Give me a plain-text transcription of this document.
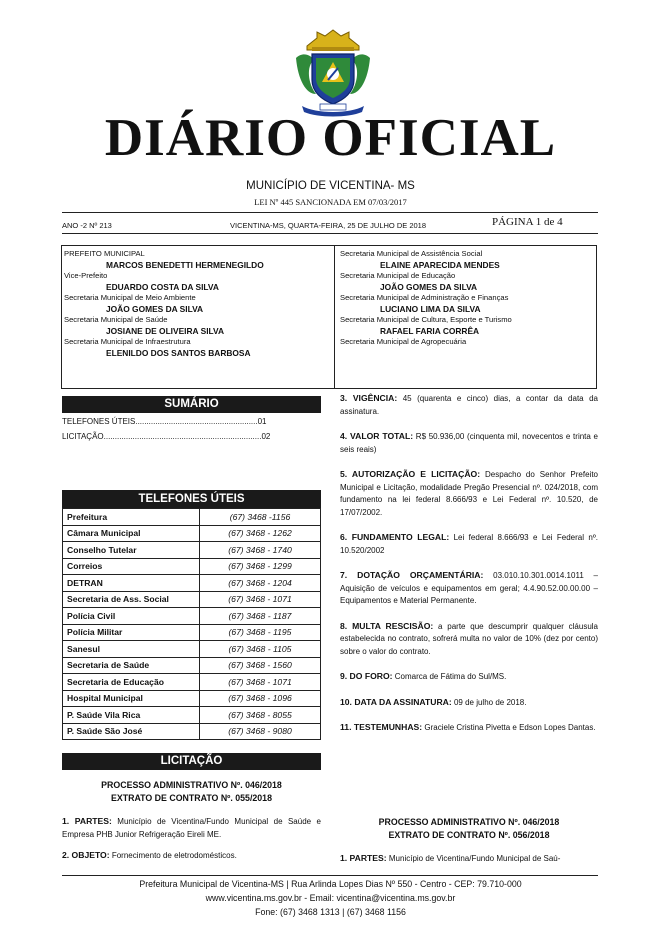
DIÁRIO OFICIAL
MUNICÍPIO DE VICENTINA- MS
LEI Nº 445 SANCIONADA EM 07/03/2017
ANO -2 Nº 213	VICENTINA-MS, QUARTA-FEIRA, 25 DE JULHO DE 2018	PÁGINA 1 de 4
PREFEITO MUNICIPAL
MARCOS BENEDETTI HERMENEGILDO
Vice-Prefeito
EDUARDO COSTA DA SILVA
Secretaria Municipal de Meio Ambiente
JOÃO GOMES DA SILVA
Secretaria Municipal de Saúde
JOSIANE DE OLIVEIRA SILVA
Secretaria Municipal de Infraestrutura
ELENILDO DOS SANTOS BARBOSA
Secretaria Municipal de Assistência Social
ELAINE APARECIDA MENDES
Secretaria Municipal de Educação
JOÃO GOMES DA SILVA
Secretaria Municipal de Administração e Finanças
LUCIANO LIMA DA SILVA
Secretaria Municipal de Cultura, Esporte e Turismo
RAFAEL FARIA CORRÊA
Secretaria Municipal de Agropecuária
SUMÁRIO
TELEFONES ÚTEIS.......................................................01
LICITAÇÃO.......................................................................02
TELEFONES ÚTEIS
Prefeitura	(67) 3468 -1156
Câmara Municipal	(67) 3468 - 1262
Conselho Tutelar	(67) 3468 - 1740
Correios	(67) 3468 - 1299
DETRAN	(67) 3468 - 1204
Secretaria de Ass. Social	(67) 3468 - 1071
Polícia Civil	(67) 3468 - 1187
Polícia Militar	(67) 3468 - 1195
Sanesul	(67) 3468 - 1105
Secretaria de Saúde	(67) 3468 - 1560
Secretaria de Educação	(67) 3468 - 1071
Hospital Municipal	(67) 3468 - 1096
P. Saúde Vila Rica	(67) 3468 - 8055
P. Saúde São José	(67) 3468 - 9080
LICITAÇÃO
PROCESSO ADMINISTRATIVO Nº. 046/2018
EXTRATO DE CONTRATO Nº. 055/2018
1. PARTES: Município de Vicentina/Fundo Municipal de Saúde e Empresa PHB Junior Refrigeração Eireli ME.
2. OBJETO: Fornecimento de eletrodomésticos.
3. VIGÊNCIA: 45 (quarenta e cinco) dias, a contar da data da assinatura.
4. VALOR TOTAL: R$ 50.936,00 (cinquenta mil, novecentos e trinta e seis reais)
5. AUTORIZAÇÃO E LICITAÇÃO: Despacho do Senhor Prefeito Municipal e Licitação, modalidade Pregão Presencial nº. 024/2018, com fundamento na lei federal 8.666/93 e Lei Federal nº. 10.520, de 17/07/2002.
6. FUNDAMENTO LEGAL: Lei federal 8.666/93 e Lei Federal nº. 10.520/2002
7. DOTAÇÃO ORÇAMENTÁRIA: 03.010.10.301.0014.1011 – Aquisição de veículos e equipamentos em geral; 4.4.90.52.00.00.00 – Equipamentos e Material Permanente.
8. MULTA RESCISÃO: a parte que descumprir qualquer cláusula estabelecida no contrato, sofrerá multa no valor de 10% (dez por cento) sobre o valor do contrato.
9. DO FORO: Comarca de Fátima do Sul/MS.
10. DATA DA ASSINATURA: 09 de julho de 2018.
11. TESTEMUNHAS: Graciele Cristina Pivetta e Edson Lopes Dantas.
PROCESSO ADMINISTRATIVO Nº. 046/2018
EXTRATO DE CONTRATO Nº. 056/2018
1. PARTES: Município de Vicentina/Fundo Municipal de Saú-
Prefeitura Municipal de Vicentina-MS | Rua Arlinda Lopes Dias Nº 550 - Centro - CEP: 79.710-000
www.vicentina.ms.gov.br - Email: vicentina@vicentina.ms.gov.br
Fone: (67) 3468 1313 | (67) 3468 1156
